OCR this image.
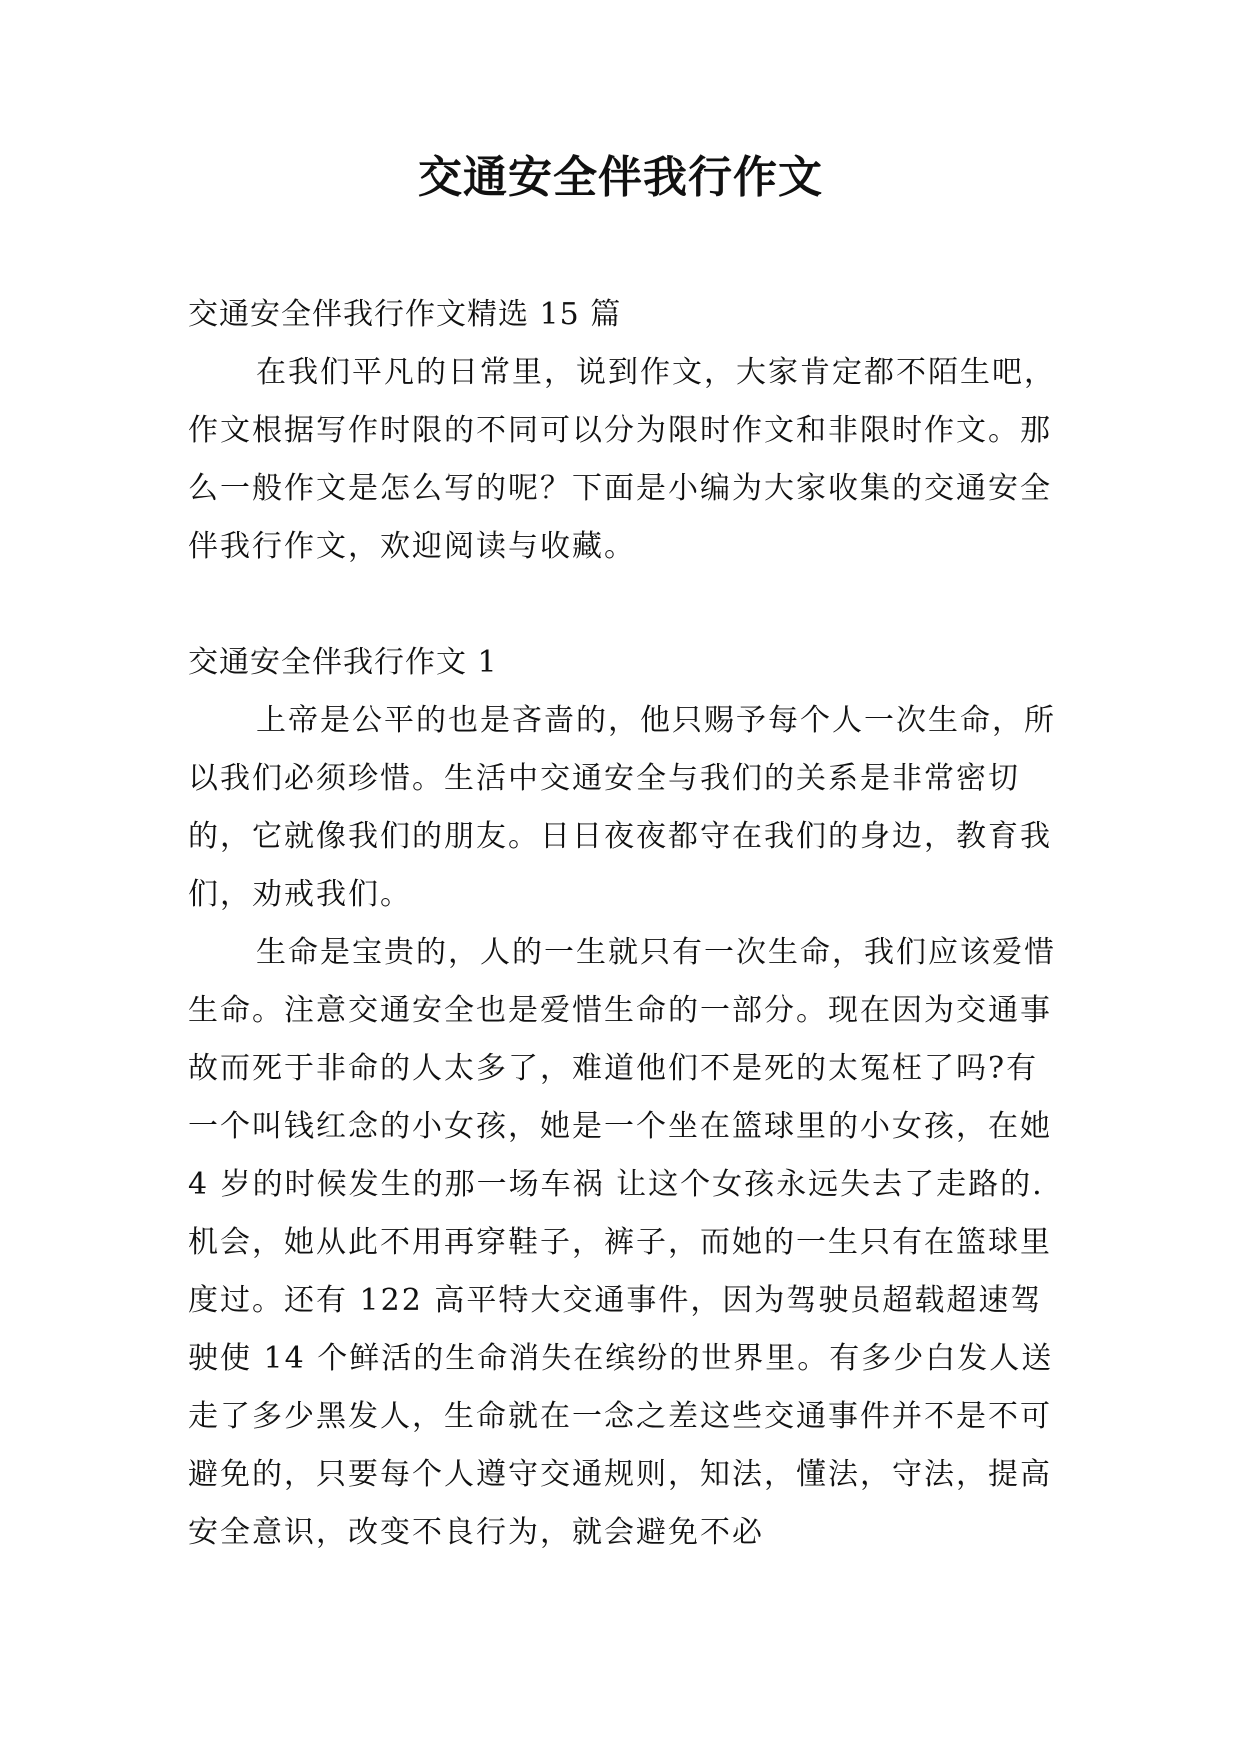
交通安全伴我行作文

交通安全伴我行作文精选 15 篇

在我们平凡的日常里，说到作文，大家肯定都不陌生吧，作文根据写作时限的不同可以分为限时作文和非限时作文。那么一般作文是怎么写的呢？下面是小编为大家收集的交通安全伴我行作文，欢迎阅读与收藏。

交通安全伴我行作文 1

上帝是公平的也是吝啬的，他只赐予每个人一次生命，所以我们必须珍惜。生活中交通安全与我们的关系是非常密切的，它就像我们的朋友。日日夜夜都守在我们的身边，教育我们，劝戒我们。

生命是宝贵的，人的一生就只有一次生命，我们应该爱惜生命。注意交通安全也是爱惜生命的一部分。现在因为交通事故而死于非命的人太多了，难道他们不是死的太冤枉了吗?有一个叫钱红念的小女孩，她是一个坐在篮球里的小女孩，在她 4 岁的时候发生的那一场车祸 让这个女孩永远失去了走路的.机会，她从此不用再穿鞋子，裤子，而她的一生只有在篮球里度过。还有 122 高平特大交通事件，因为驾驶员超载超速驾驶使 14 个鲜活的生命消失在缤纷的世界里。有多少白发人送走了多少黑发人，生命就在一念之差这些交通事件并不是不可避免的，只要每个人遵守交通规则，知法，懂法，守法，提高安全意识，改变不良行为，就会避免不必
